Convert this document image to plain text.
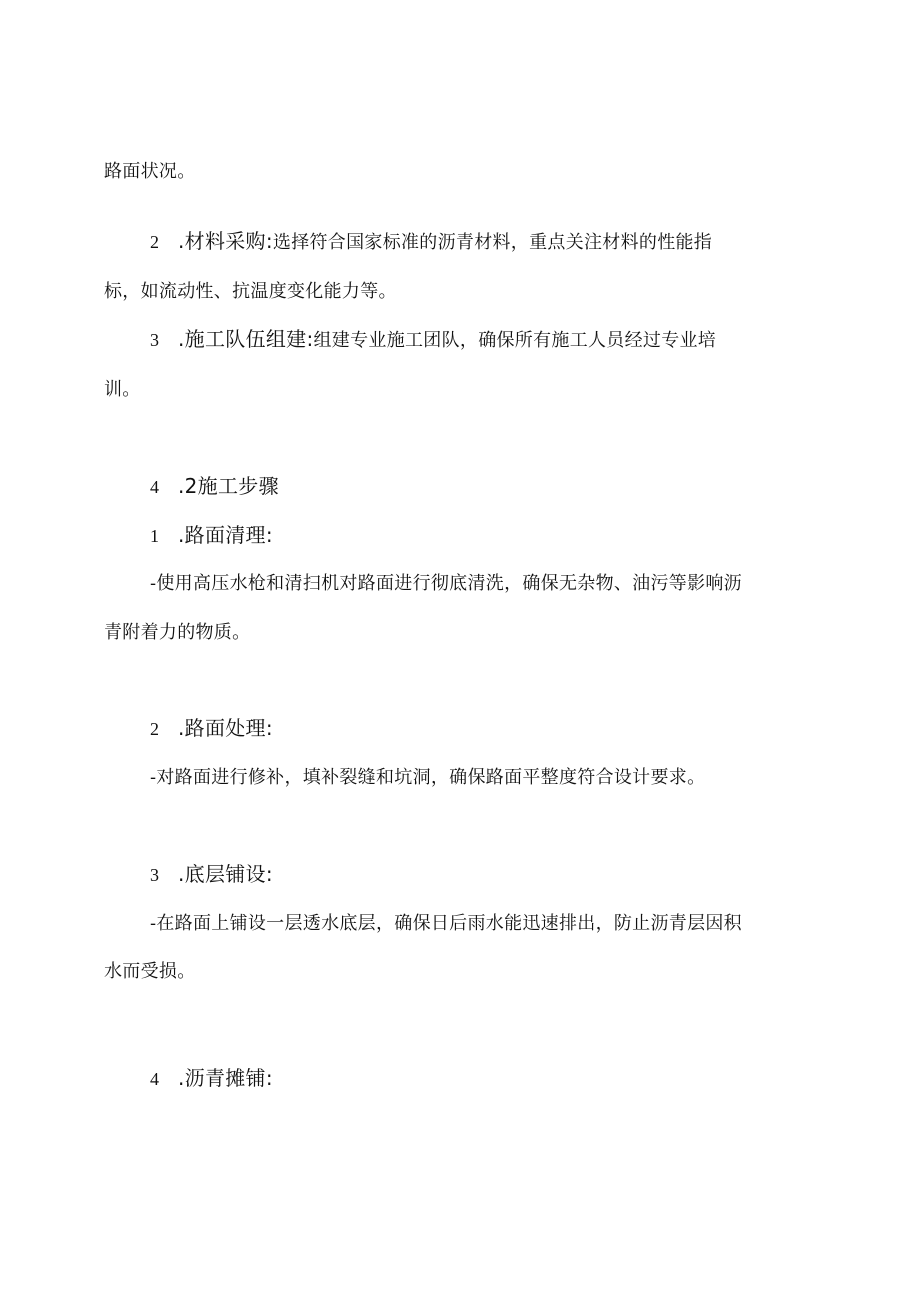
路面状况。
2 .材料采购:选择符合国家标准的沥青材料，重点关注材料的性能指
标，如流动性、抗温度变化能力等。
3 .施工队伍组建:组建专业施工团队，确保所有施工人员经过专业培
训。
4 .2施工步骤
1 .路面清理:
-使用高压水枪和清扫机对路面进行彻底清洗，确保无杂物、油污等影响沥
青附着力的物质。
2 .路面处理:
-对路面进行修补，填补裂缝和坑洞，确保路面平整度符合设计要求。
3 .底层铺设:
-在路面上铺设一层透水底层，确保日后雨水能迅速排出，防止沥青层因积
水而受损。
4 .沥青摊铺:
